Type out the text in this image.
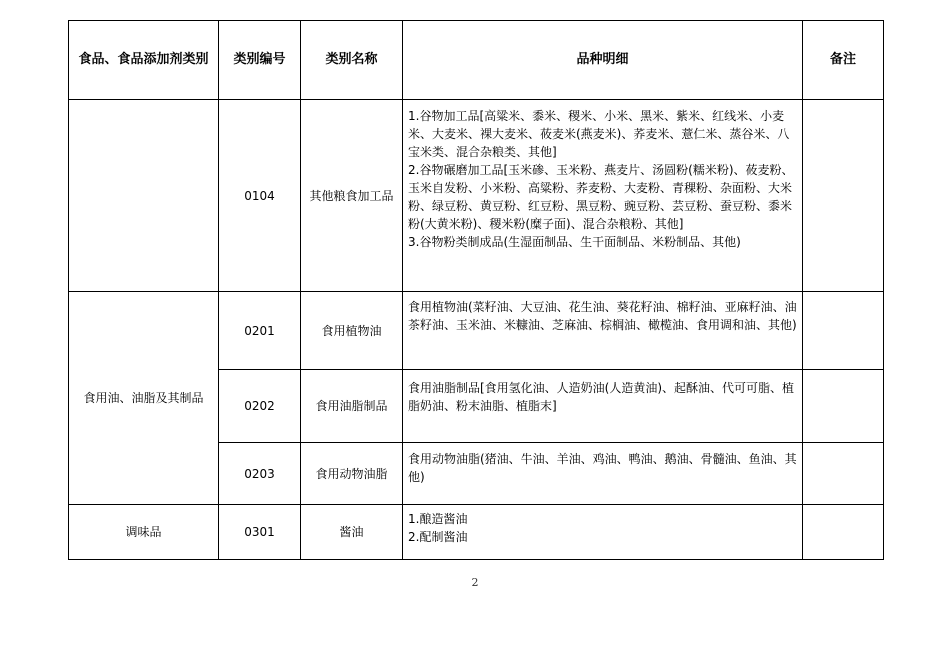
食品、食品添加剂类别	类别编号	类别名称	品种明细	备注
	0104	其他粮食加工品	1.谷物加工品[高粱米、黍米、稷米、小米、黑米、紫米、红线米、小麦米、大麦米、裸大麦米、莜麦米(燕麦米)、荞麦米、薏仁米、蒸谷米、八宝米类、混合杂粮类、其他]
2.谷物碾磨加工品[玉米碜、玉米粉、燕麦片、汤圆粉(糯米粉)、莜麦粉、玉米自发粉、小米粉、高粱粉、荞麦粉、大麦粉、青稞粉、杂面粉、大米粉、绿豆粉、黄豆粉、红豆粉、黑豆粉、豌豆粉、芸豆粉、蚕豆粉、黍米粉(大黄米粉)、稷米粉(糜子面)、混合杂粮粉、其他]
3.谷物粉类制成品(生湿面制品、生干面制品、米粉制品、其他)	

食用油、油脂及其制品	0201	食用植物油	食用植物油(菜籽油、大豆油、花生油、葵花籽油、棉籽油、亚麻籽油、油茶籽油、玉米油、米糠油、芝麻油、棕榈油、橄榄油、食用调和油、其他)	

	0202	食用油脂制品	食用油脂制品[食用氢化油、人造奶油(人造黄油)、起酥油、代可可脂、植脂奶油、粉末油脂、植脂末]	

	0203	食用动物油脂	食用动物油脂(猪油、牛油、羊油、鸡油、鸭油、鹅油、骨髓油、鱼油、其他)	

调味品	0301	酱油	1.酿造酱油
2.配制酱油	

2
